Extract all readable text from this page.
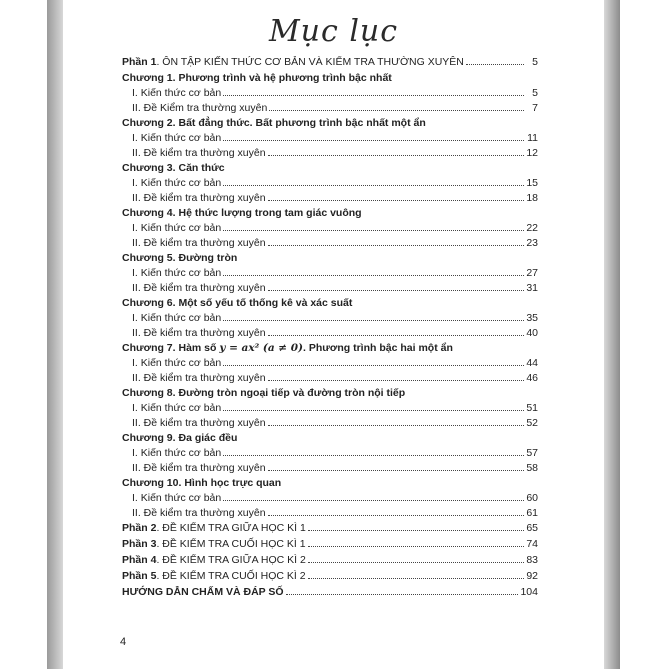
Mục lục
Phần 1. ÔN TẬP KIẾN THỨC CƠ BẢN VÀ KIỂM TRA THƯỜNG XUYÊN	5
Chương 1. Phương trình và hệ phương trình bậc nhất
I. Kiến thức cơ bản	5
II. Đề Kiểm tra thường xuyên	7
Chương 2. Bất đẳng thức. Bất phương trình bậc nhất một ẩn
I. Kiến thức cơ bản	11
II. Đề kiểm tra thường xuyên	12
Chương 3. Căn thức
I. Kiến thức cơ bản	15
II. Đề kiểm tra thường xuyên	18
Chương 4. Hệ thức lượng trong tam giác vuông
I. Kiến thức cơ bản	22
II. Đề kiểm tra thường xuyên	23
Chương 5. Đường tròn
I. Kiến thức cơ bản	27
II. Đề kiểm tra thường xuyên	31
Chương 6. Một số yếu tố thống kê và xác suất
I. Kiến thức cơ bản	35
II. Đề kiểm tra thường xuyên	40
Chương 7. Hàm số y = ax² (a ≠ 0). Phương trình bậc hai một ẩn
I. Kiến thức cơ bản	44
II. Đề kiểm tra thường xuyên	46
Chương 8. Đường tròn ngoại tiếp và đường tròn nội tiếp
I. Kiến thức cơ bản	51
II. Đề kiểm tra thường xuyên	52
Chương 9. Đa giác đều
I. Kiến thức cơ bản	57
II. Đề kiểm tra thường xuyên	58
Chương 10. Hình học trực quan
I. Kiến thức cơ bản	60
II. Đề kiểm tra thường xuyên	61
Phần 2. ĐỀ KIỂM TRA GIỮA HỌC KÌ 1	65
Phần 3. ĐỀ KIỂM TRA CUỐI HỌC KÌ 1	74
Phần 4. ĐỀ KIỂM TRA GIỮA HỌC KÌ 2	83
Phần 5. ĐỀ KIỂM TRA CUỐI HỌC KÌ 2	92
HƯỚNG DẪN CHẤM VÀ ĐÁP SỐ	104
4
